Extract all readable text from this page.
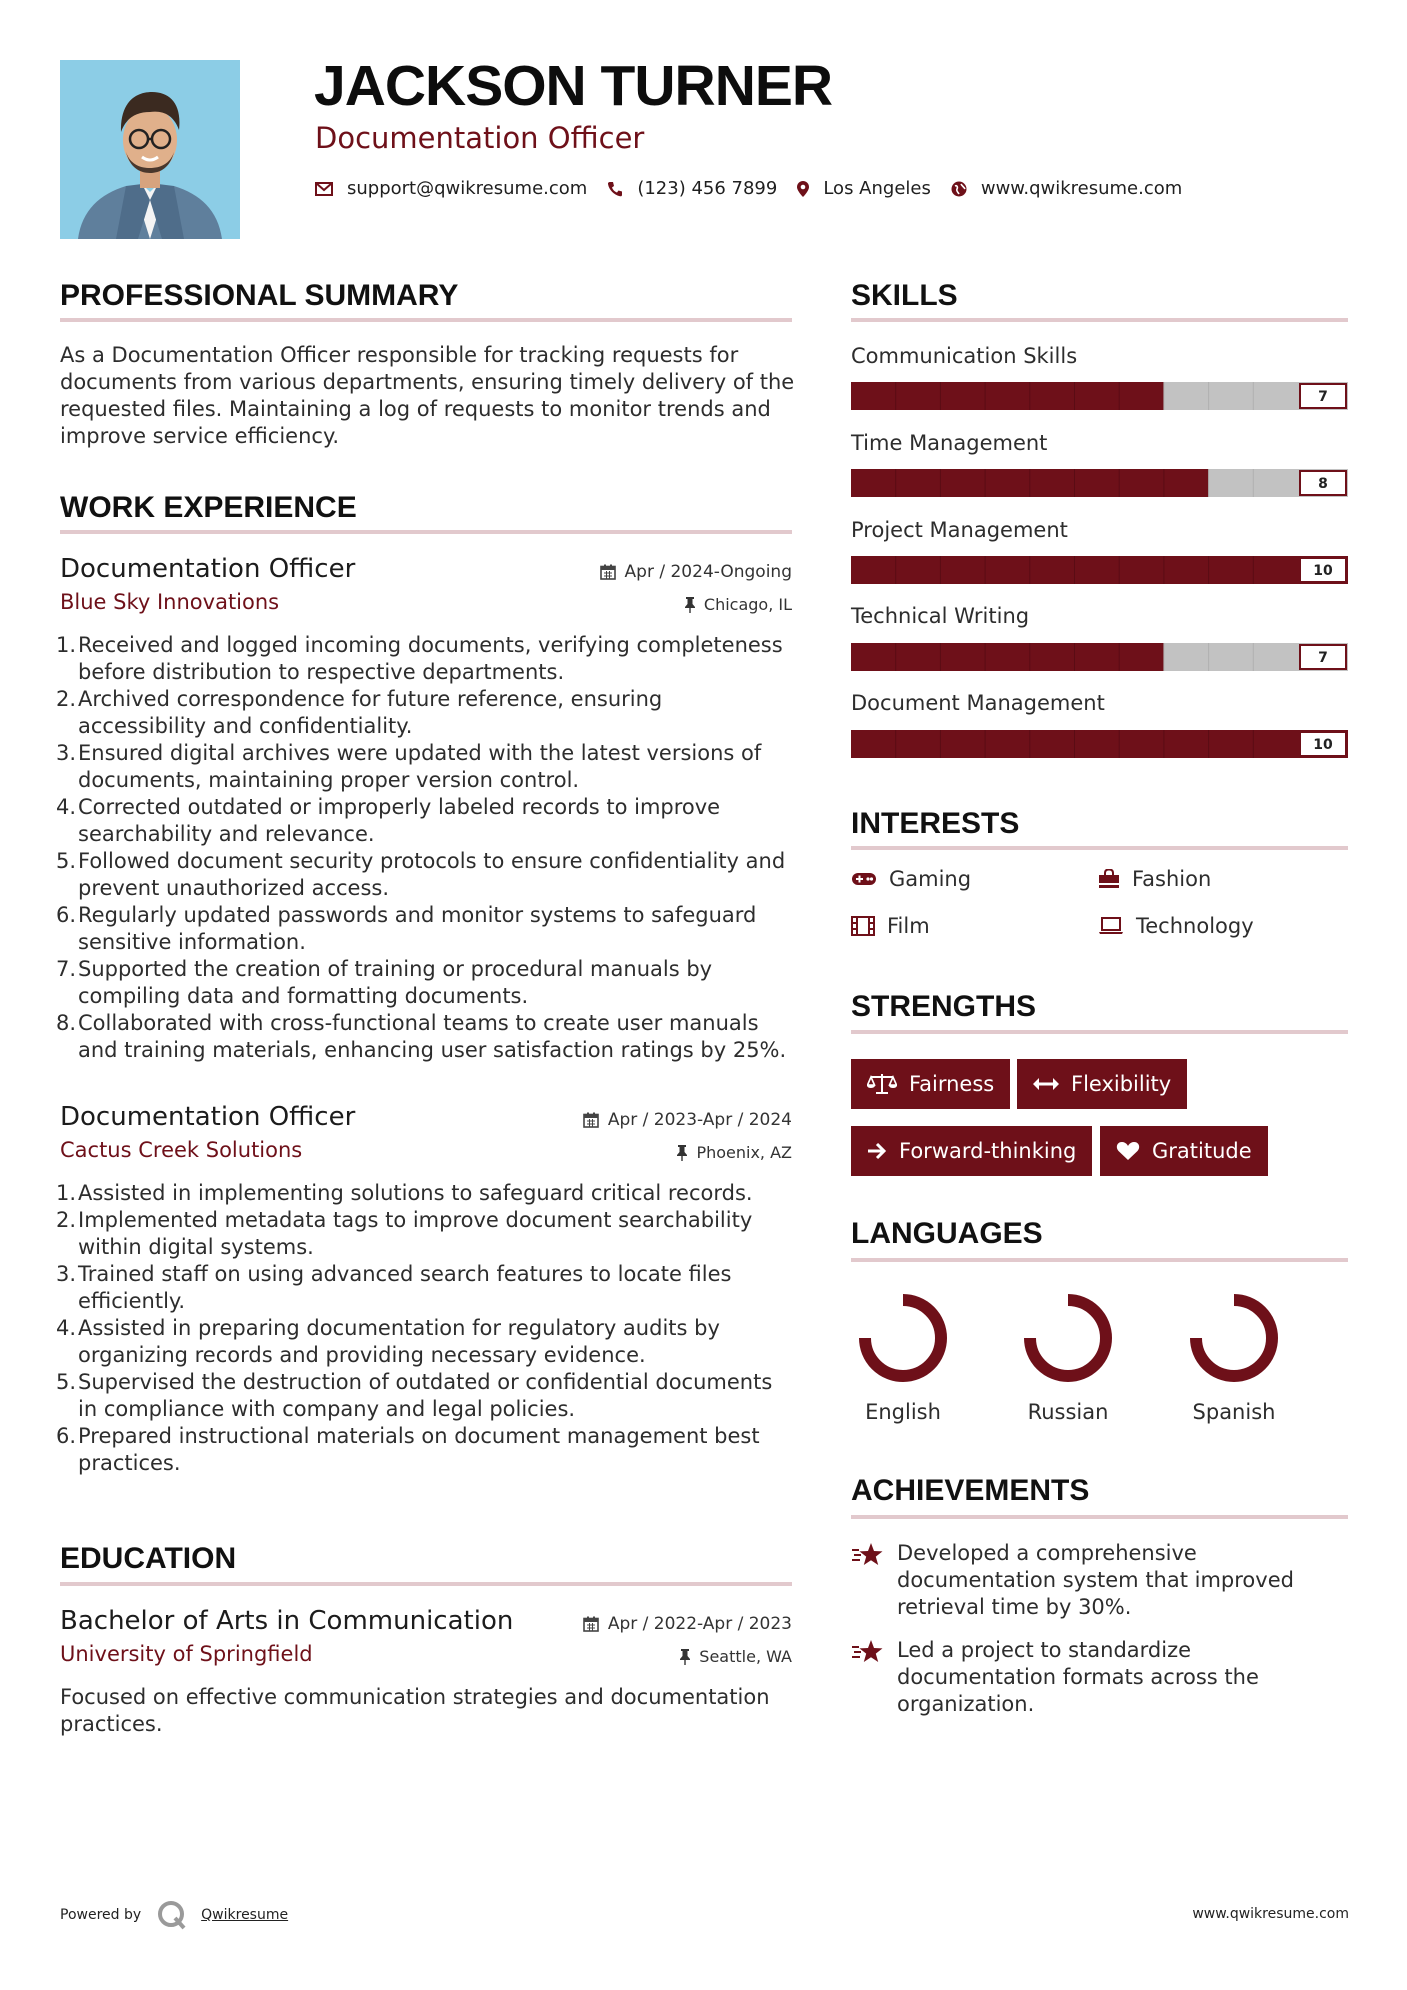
JACKSON TURNER
Documentation Officer
support@qwikresume.com	(123) 456 7899	Los Angeles	www.qwikresume.com
PROFESSIONAL SUMMARY
As a Documentation Officer responsible for tracking requests for documents from various departments, ensuring timely delivery of the requested files. Maintaining a log of requests to monitor trends and improve service efficiency.
WORK EXPERIENCE
Documentation Officer	Apr / 2024-Ongoing
Blue Sky Innovations	Chicago, IL
Received and logged incoming documents, verifying completeness before distribution to respective departments.
Archived correspondence for future reference, ensuring accessibility and confidentiality.
Ensured digital archives were updated with the latest versions of documents, maintaining proper version control.
Corrected outdated or improperly labeled records to improve searchability and relevance.
Followed document security protocols to ensure confidentiality and prevent unauthorized access.
Regularly updated passwords and monitor systems to safeguard sensitive information.
Supported the creation of training or procedural manuals by compiling data and formatting documents.
Collaborated with cross-functional teams to create user manuals and training materials, enhancing user satisfaction ratings by 25%.
Documentation Officer	Apr / 2023-Apr / 2024
Cactus Creek Solutions	Phoenix, AZ
Assisted in implementing solutions to safeguard critical records.
Implemented metadata tags to improve document searchability within digital systems.
Trained staff on using advanced search features to locate files efficiently.
Assisted in preparing documentation for regulatory audits by organizing records and providing necessary evidence.
Supervised the destruction of outdated or confidential documents in compliance with company and legal policies.
Prepared instructional materials on document management best practices.
EDUCATION
Bachelor of Arts in Communication	Apr / 2022-Apr / 2023
University of Springfield	Seattle, WA
Focused on effective communication strategies and documentation practices.
SKILLS
Communication Skills
7
Time Management
8
Project Management
10
Technical Writing
7
Document Management
10
INTERESTS
Gaming	Fashion
Film	Technology
STRENGTHS
Fairness	Flexibility
Forward-thinking	Gratitude
LANGUAGES
English	Russian	Spanish
ACHIEVEMENTS
Developed a comprehensive documentation system that improved retrieval time by 30%.
Led a project to standardize documentation formats across the organization.
Powered by	Qwikresume	www.qwikresume.com
